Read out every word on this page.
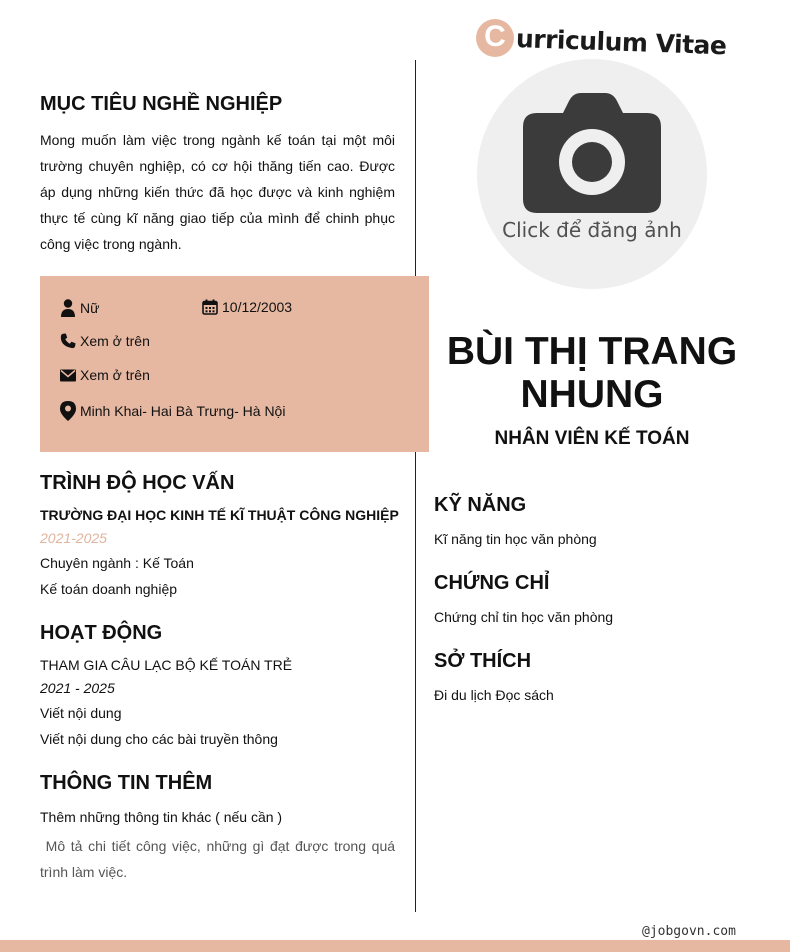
C urriculum Vitae
Click để đăng ảnh
MỤC TIÊU NGHỀ NGHIỆP
Mong muốn làm việc trong ngành kế toán tại một môi trường chuyên nghiệp, có cơ hội thăng tiến cao. Được áp dụng những kiến thức đã học được và kinh nghiệm thực tế cùng kĩ năng giao tiếp của mình để chinh phục công việc trong ngành.
Nữ	10/12/2003
Xem ở trên
Xem ở trên
Minh Khai- Hai Bà Trưng- Hà Nội
BÙI THỊ TRANG
NHUNG
NHÂN VIÊN KẾ TOÁN
TRÌNH ĐỘ HỌC VẤN
TRƯỜNG ĐẠI HỌC KINH TẾ KĨ THUẬT CÔNG NGHIỆP
2021-2025
Chuyên ngành : Kế Toán
Kế toán doanh nghiệp
HOẠT ĐỘNG
THAM GIA CÂU LẠC BỘ KẾ TOÁN TRẺ
2021 - 2025
Viết nội dung
Viết nội dung cho các bài truyền thông
THÔNG TIN THÊM
Thêm những thông tin khác ( nếu cần )
Mô tả chi tiết công việc, những gì đạt được trong quá trình làm việc.
KỸ NĂNG
Kĩ năng tin học văn phòng
CHỨNG CHỈ
Chứng chỉ tin học văn phòng
SỞ THÍCH
Đi du lịch Đọc sách
@jobgovn.com
